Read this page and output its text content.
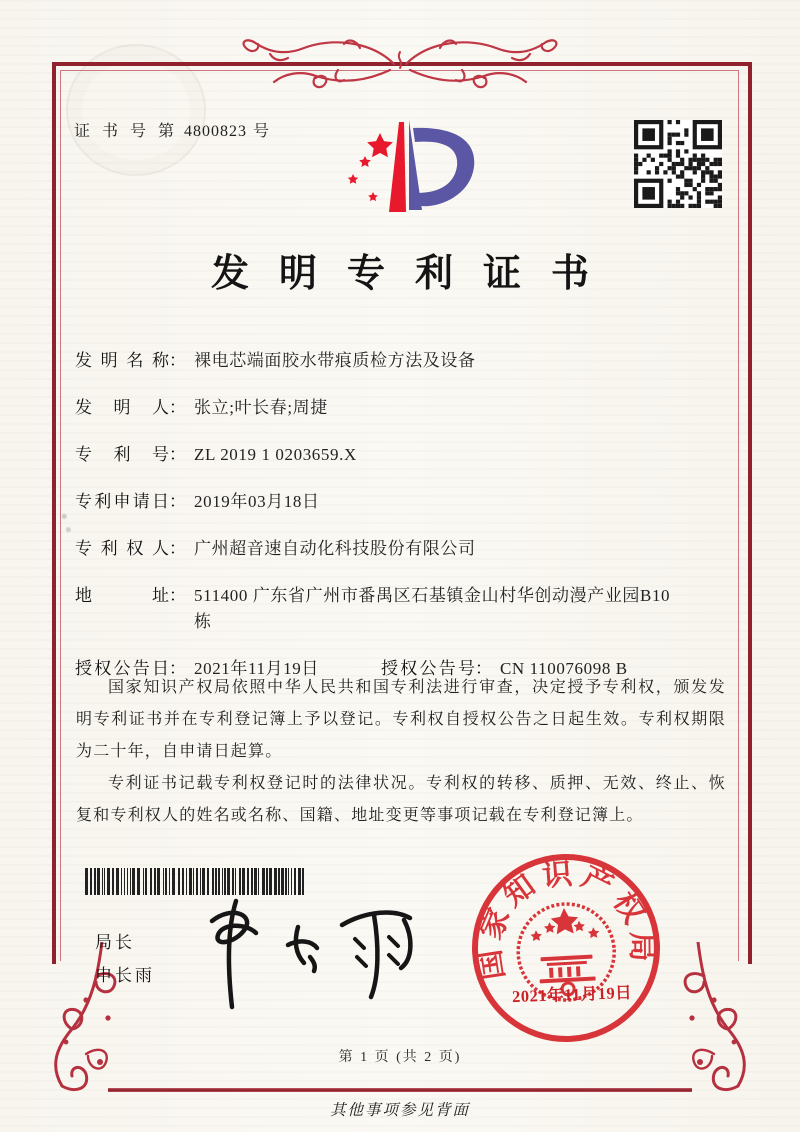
证 书 号 第 4800823 号
发明专利证书
发明名称 ： 裸电芯端面胶水带痕质检方法及设备
发明人 ： 张立;叶长春;周捷
专利号 ： ZL 2019 1 0203659.X
专利申请日 ： 2019年03月18日
专利权人 ： 广州超音速自动化科技股份有限公司
地址 ： 511400 广东省广州市番禺区石基镇金山村华创动漫产业园B10栋
授权公告日 ： 2021年11月19日	授权公告号 ： CN 110076098 B

国家知识产权局依照中华人民共和国专利法进行审查，决定授予专利权，颁发发明专利证书并在专利登记簿上予以登记。专利权自授权公告之日起生效。专利权期限为二十年，自申请日起算。

专利证书记载专利权登记时的法律状况。专利权的转移、质押、无效、终止、恢复和专利权人的姓名或名称、国籍、地址变更等事项记载在专利登记簿上。

局长
申长雨	国家知识产权局
2021年11月19日
第 1 页 (共 2 页)
其他事项参见背面
